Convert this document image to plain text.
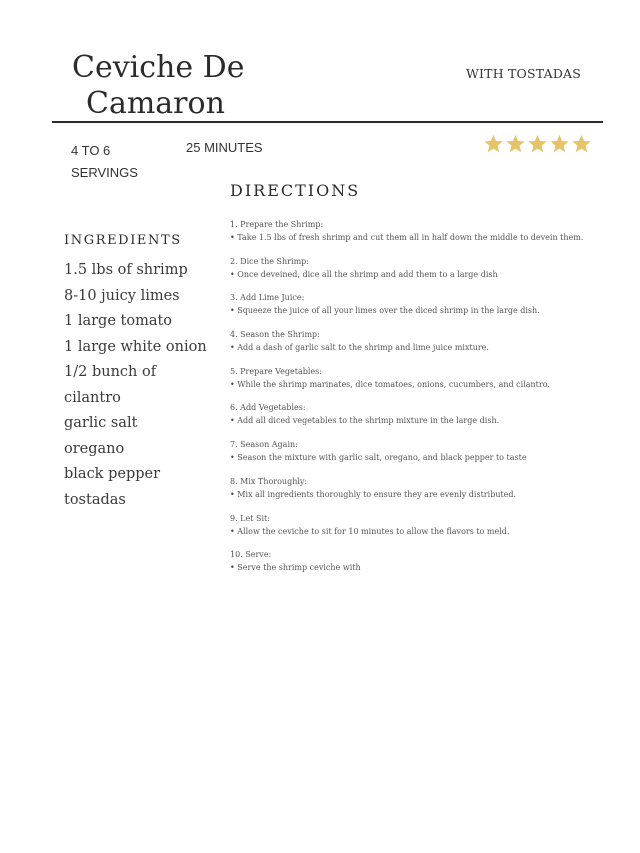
Ceviche De
Camaron
WITH TOSTADAS
4 TO 6 SERVINGS
25 MINUTES
DIRECTIONS
INGREDIENTS
1.5 lbs of shrimp
8-10 juicy limes
1 large tomato
1 large white onion
1/2 bunch of cilantro
garlic salt
oregano
black pepper
tostadas
1. Prepare the Shrimp:
• Take 1.5 lbs of fresh shrimp and cut them all in half down the middle to devein them.
2. Dice the Shrimp:
• Once deveined, dice all the shrimp and add them to a large dish
3. Add Lime Juice:
• Squeeze the juice of all your limes over the diced shrimp in the large dish.
4. Season the Shrimp:
• Add a dash of garlic salt to the shrimp and lime juice mixture.
5. Prepare Vegetables:
• While the shrimp marinates, dice tomatoes, onions, cucumbers, and cilantro.
6. Add Vegetables:
• Add all diced vegetables to the shrimp mixture in the large dish.
7. Season Again:
• Season the mixture with garlic salt, oregano, and black pepper to taste
8. Mix Thoroughly:
• Mix all ingredients thoroughly to ensure they are evenly distributed.
9. Let Sit:
• Allow the ceviche to sit for 10 minutes to allow the flavors to meld.
10. Serve:
• Serve the shrimp ceviche with
